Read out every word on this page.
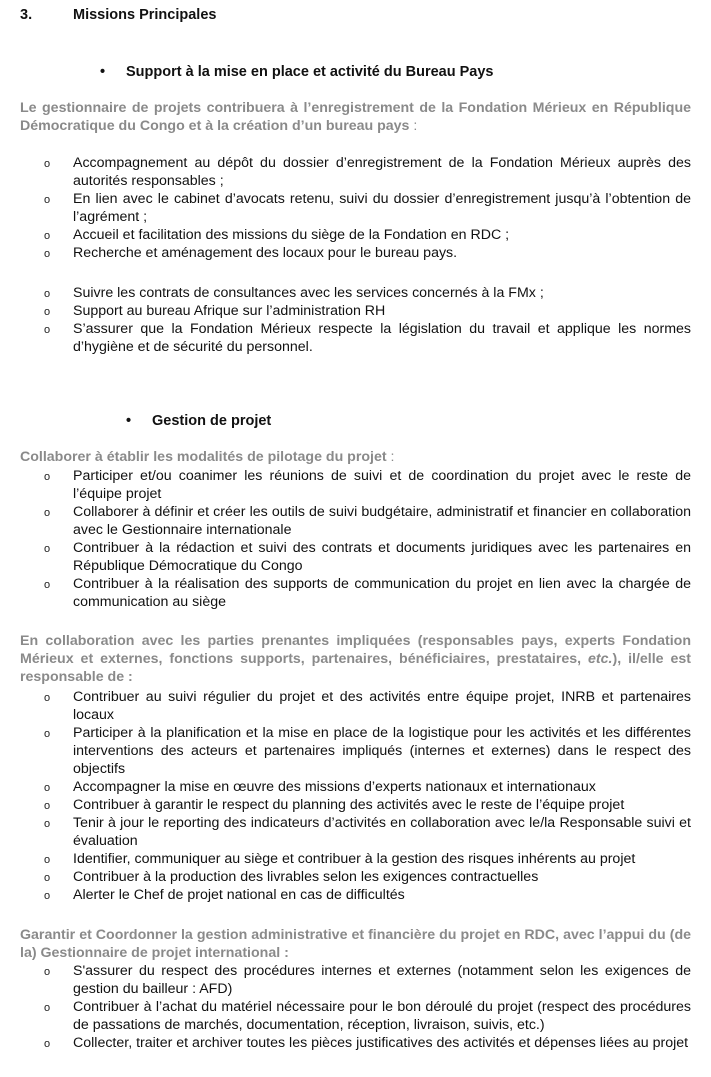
3.	Missions Principales
• Support à la mise en place et activité du Bureau Pays
Le gestionnaire de projets contribuera à l’enregistrement de la Fondation Mérieux en République Démocratique du Congo et à la création d’un bureau pays :
o Accompagnement au dépôt du dossier d’enregistrement de la Fondation Mérieux auprès des autorités responsables ;
o En lien avec le cabinet d’avocats retenu, suivi du dossier d’enregistrement jusqu’à l’obtention de l’agrément ;
o Accueil et facilitation des missions du siège de la Fondation en RDC ;
o Recherche et aménagement des locaux pour le bureau pays.
o Suivre les contrats de consultances avec les services concernés à la FMx ;
o Support au bureau Afrique sur l’administration RH
o S’assurer que la Fondation Mérieux respecte la législation du travail et applique les normes d’hygiène et de sécurité du personnel.
• Gestion de projet
Collaborer à établir les modalités de pilotage du projet :
o Participer et/ou coanimer les réunions de suivi et de coordination du projet avec le reste de l’équipe projet
o Collaborer à définir et créer les outils de suivi budgétaire, administratif et financier en collaboration avec le Gestionnaire internationale
o Contribuer à la rédaction et suivi des contrats et documents juridiques avec les partenaires en République Démocratique du Congo
o Contribuer à la réalisation des supports de communication du projet en lien avec la chargée de communication au siège
En collaboration avec les parties prenantes impliquées (responsables pays, experts Fondation Mérieux et externes, fonctions supports, partenaires, bénéficiaires, prestataires, etc.), il/elle est responsable de :
o Contribuer au suivi régulier du projet et des activités entre équipe projet, INRB et partenaires locaux
o Participer à la planification et la mise en place de la logistique pour les activités et les différentes interventions des acteurs et partenaires impliqués (internes et externes) dans le respect des objectifs
o Accompagner la mise en œuvre des missions d’experts nationaux et internationaux
o Contribuer à garantir le respect du planning des activités avec le reste de l’équipe projet
o Tenir à jour le reporting des indicateurs d’activités en collaboration avec le/la Responsable suivi et évaluation
o Identifier, communiquer au siège et contribuer à la gestion des risques inhérents au projet
o Contribuer à la production des livrables selon les exigences contractuelles
o Alerter le Chef de projet national en cas de difficultés
Garantir et Coordonner la gestion administrative et financière du projet en RDC, avec l’appui du (de la) Gestionnaire de projet international :
o S'assurer du respect des procédures internes et externes (notamment selon les exigences de gestion du bailleur : AFD)
o Contribuer à l’achat du matériel nécessaire pour le bon déroulé du projet (respect des procédures de passations de marchés, documentation, réception, livraison, suivis, etc.)
o Collecter, traiter et archiver toutes les pièces justificatives des activités et dépenses liées au projet
